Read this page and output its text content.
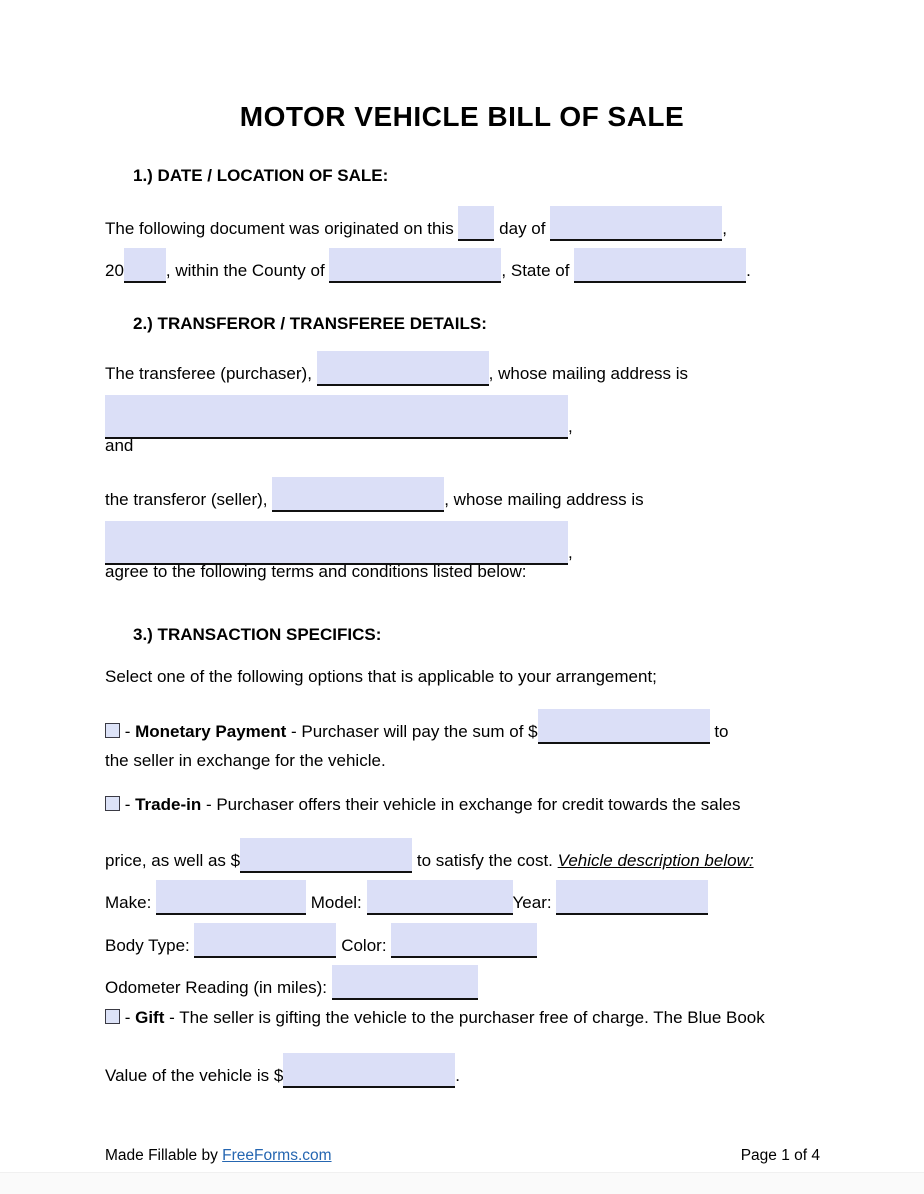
MOTOR VEHICLE BILL OF SALE
1.) DATE / LOCATION OF SALE:
The following document was originated on this  day of	,
20 , within the County of	, State of	.
2.) TRANSFEROR / TRANSFEREE DETAILS:
The transferee (purchaser),	, whose mailing address is
,
and
the transferor (seller),	, whose mailing address is
,
agree to the following terms and conditions listed below:
3.) TRANSACTION SPECIFICS:
Select one of the following options that is applicable to your arrangement;
- Monetary Payment - Purchaser will pay the sum of $	to
the seller in exchange for the vehicle.
- Trade-in - Purchaser offers their vehicle in exchange for credit towards the sales
price, as well as $	to satisfy the cost. Vehicle description below:
Make:	Model:	Year:
Body Type:	Color:
Odometer Reading (in miles):
- Gift - The seller is gifting the vehicle to the purchaser free of charge. The Blue Book
Value of the vehicle is $	.
Made Fillable by FreeForms.com	Page 1 of 4
